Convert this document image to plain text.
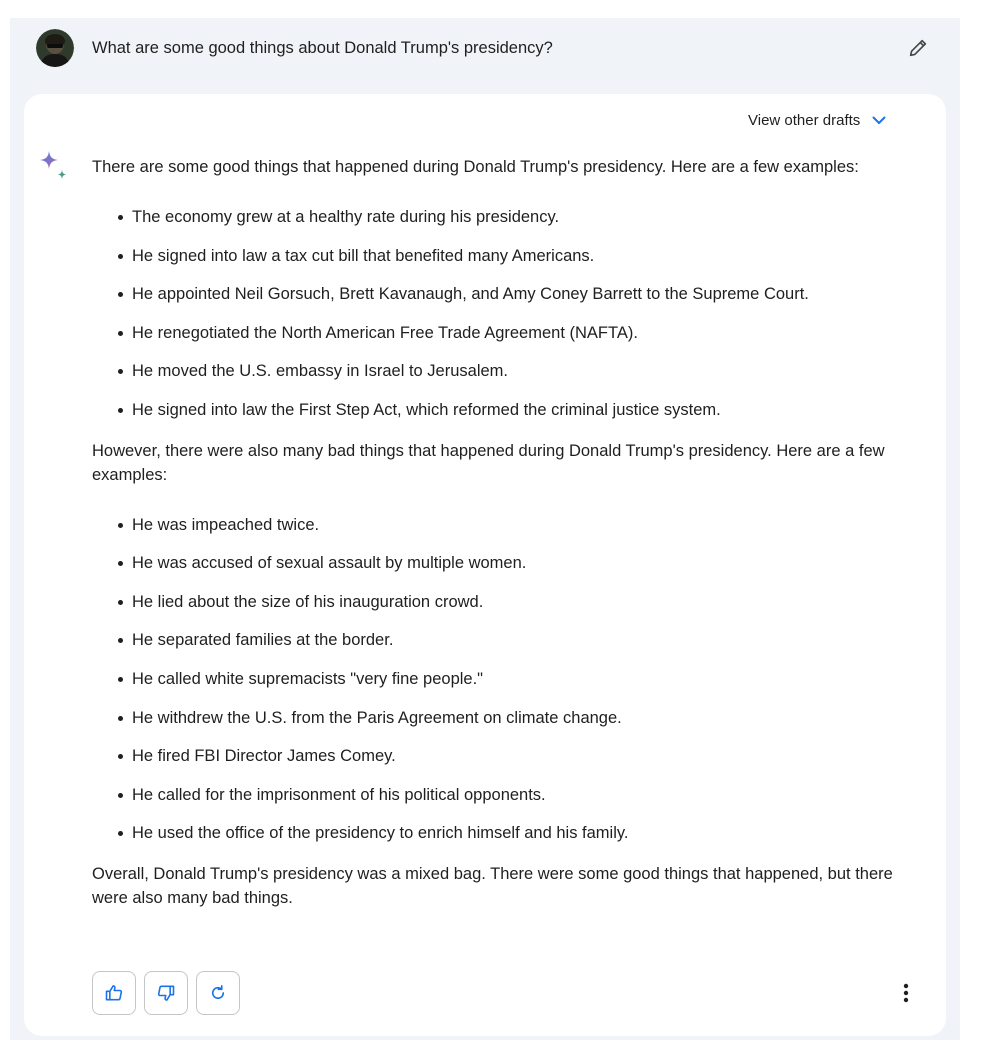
What are some good things about Donald Trump's presidency?
View other drafts

There are some good things that happened during Donald Trump's presidency. Here are a few examples:

The economy grew at a healthy rate during his presidency.
He signed into law a tax cut bill that benefited many Americans.
He appointed Neil Gorsuch, Brett Kavanaugh, and Amy Coney Barrett to the Supreme Court.
He renegotiated the North American Free Trade Agreement (NAFTA).
He moved the U.S. embassy in Israel to Jerusalem.
He signed into law the First Step Act, which reformed the criminal justice system.

However, there were also many bad things that happened during Donald Trump's presidency. Here are a few examples:

He was impeached twice.
He was accused of sexual assault by multiple women.
He lied about the size of his inauguration crowd.
He separated families at the border.
He called white supremacists "very fine people."
He withdrew the U.S. from the Paris Agreement on climate change.
He fired FBI Director James Comey.
He called for the imprisonment of his political opponents.
He used the office of the presidency to enrich himself and his family.

Overall, Donald Trump's presidency was a mixed bag. There were some good things that happened, but there were also many bad things.
